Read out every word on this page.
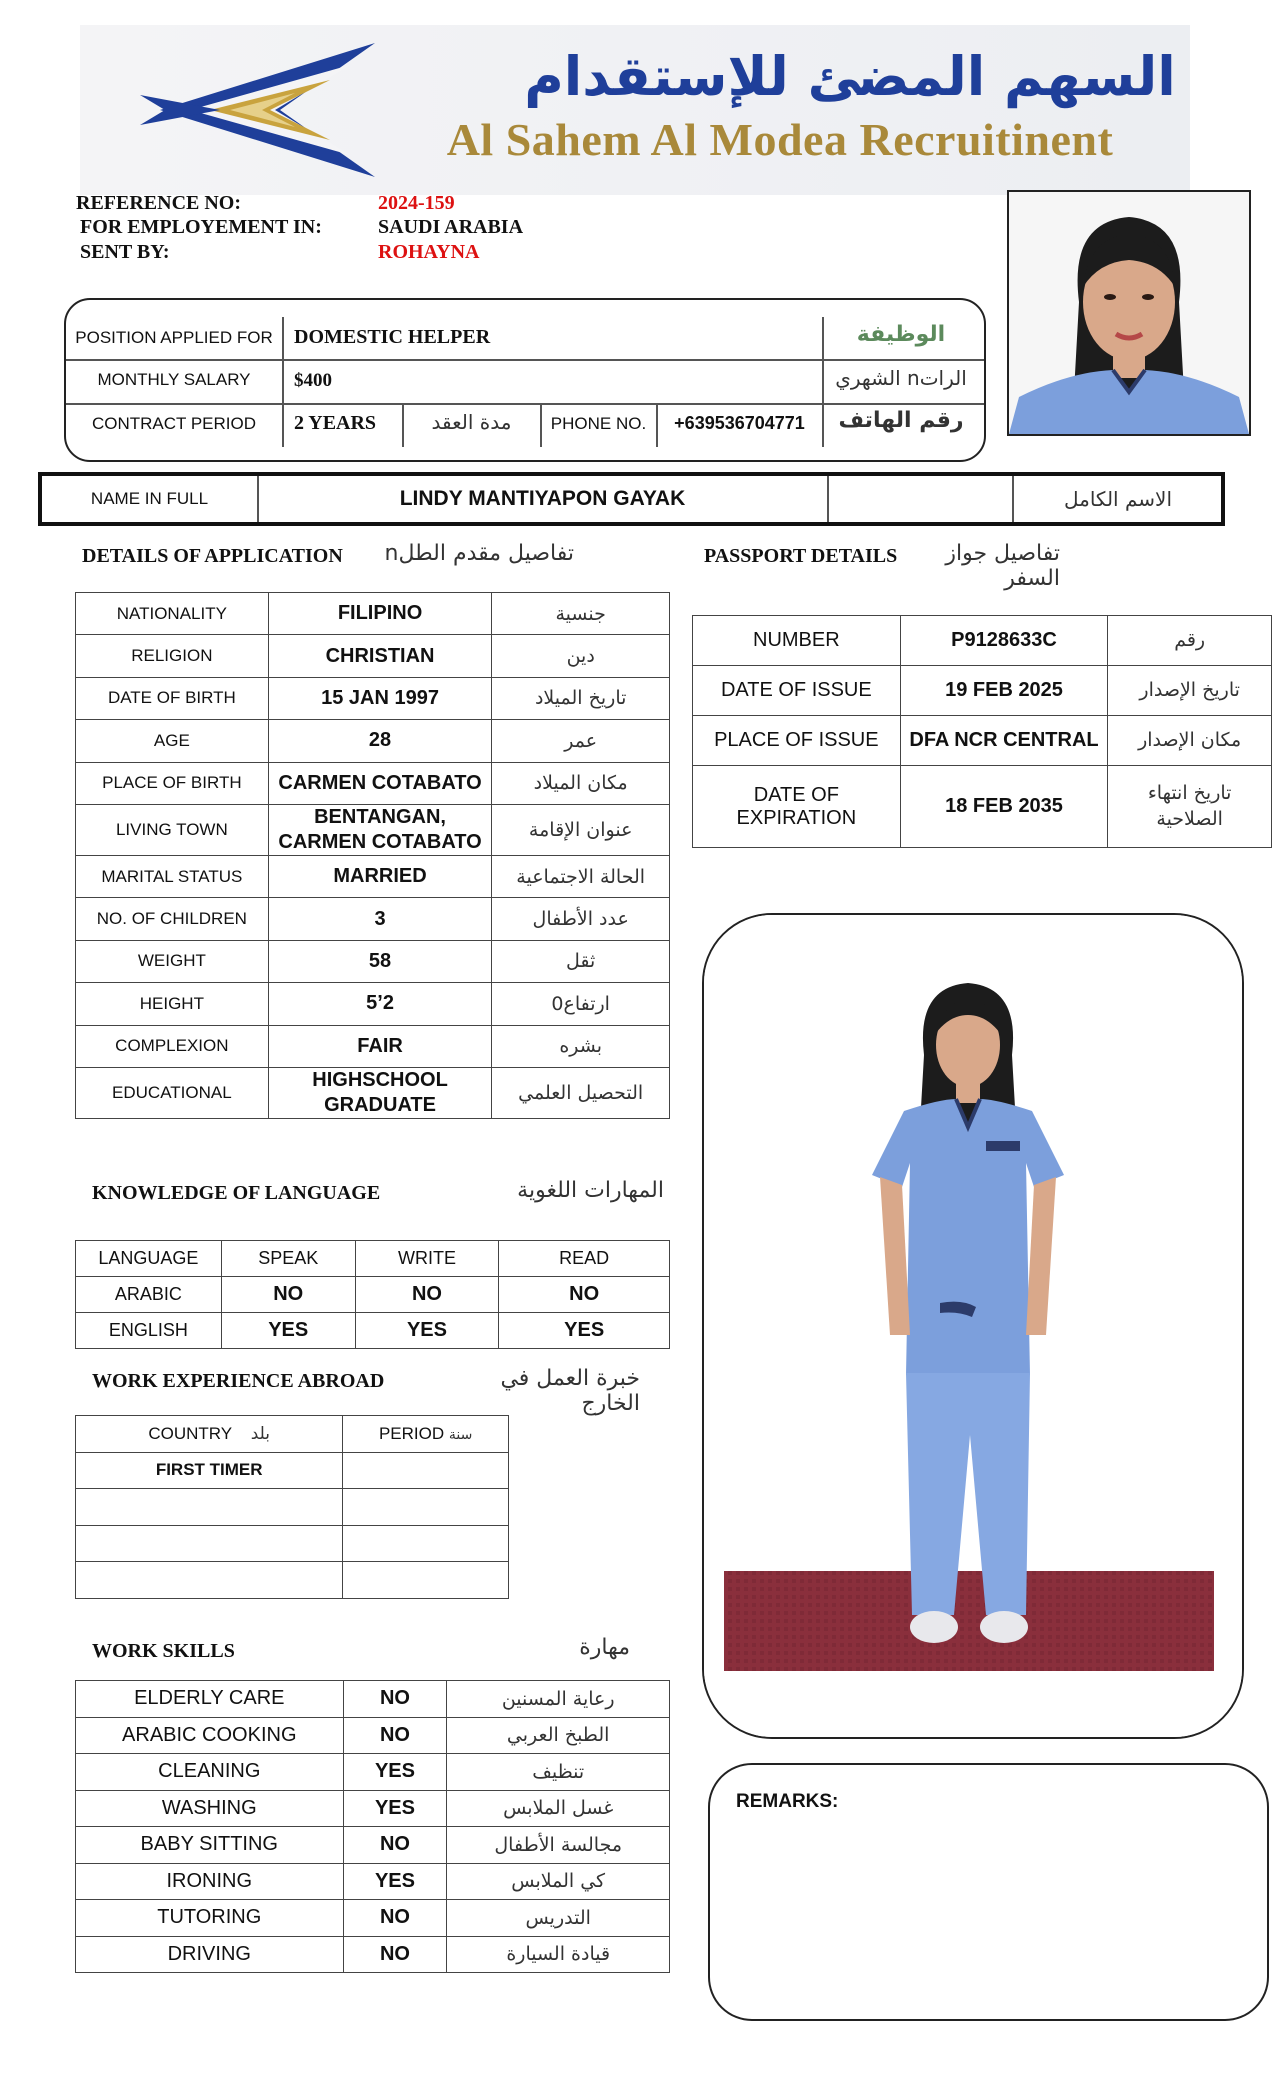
السهم المضئ للإستقدام
Al Sahem Al Modea Recruitinent
REFERENCE NO:	2024-159
FOR EMPLOYEMENT IN:	SAUDI ARABIA
SENT BY:	ROHAYNA
POSITION APPLIED FOR	DOMESTIC HELPER	الوظيفة
MONTHLY SALARY	$400	الراتn الشهري
CONTRACT PERIOD	2 YEARS	مدة العقد	PHONE NO.	+639536704771	رقم الهاتف
NAME IN FULL	LINDY MANTIYAPON GAYAK	الاسم الكامل
DETAILS OF APPLICATION تفاصيل مقدم الطلn
NATIONALITY	FILIPINO	جنسية
RELIGION	CHRISTIAN	دين
DATE OF BIRTH	15 JAN 1997	تاريخ الميلاد
AGE	28	عمر
PLACE OF BIRTH	CARMEN COTABATO	مكان الميلاد
LIVING TOWN	BENTANGAN,
CARMEN COTABATO	عنوان الإقامة
MARITAL STATUS	MARRIED	الحالة الاجتماعية
NO. OF CHILDREN	3	عدد الأطفال
WEIGHT	58	ثقل
HEIGHT	5’2	ارتفاع0
COMPLEXION	FAIR	بشره
EDUCATIONAL	HIGHSCHOOL
GRADUATE	التحصيل العلمي
PASSPORT DETAILS	تفاصيل جواز السفر
NUMBER	P9128633C	رقم
DATE OF ISSUE	19 FEB 2025	تاريخ الإصدار
PLACE OF ISSUE	DFA NCR CENTRAL	مكان الإصدار
DATE OF
EXPIRATION	18 FEB 2035	تاريخ انتهاء
الصلاحية
KNOWLEDGE OF LANGUAGE	المهارات اللغوية
LANGUAGE	SPEAK	WRITE	READ
ARABIC	NO	NO	NO
ENGLISH	YES	YES	YES
WORK EXPERIENCE ABROAD	خبرة العمل في الخارج
COUNTRY بلد	PERIOD سنة
FIRST TIMER	

WORK SKILLS	مهارة
ELDERLY CARE	NO	رعاية المسنين
ARABIC COOKING	NO	الطبخ العربي
CLEANING	YES	تنظيف
WASHING	YES	غسل الملابس
BABY SITTING	NO	مجالسة الأطفال
IRONING	YES	كي الملابس
TUTORING	NO	التدريس
DRIVING	NO	قيادة السيارة
REMARKS:
